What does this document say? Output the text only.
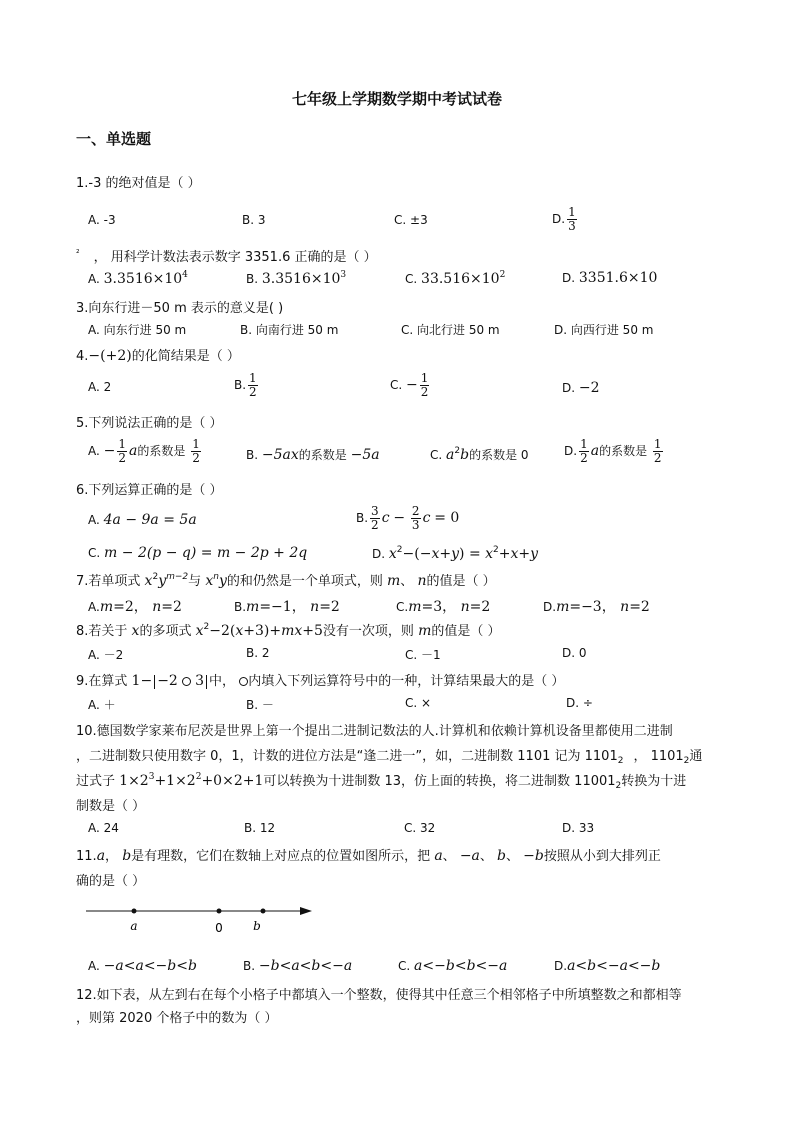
七年级上学期数学期中考试试卷
一、单选题
1.-3 的绝对值是（ ）
A. -3	B. 3	C. ±3	D. $\frac{1}{3}$
$^{^2}$ ， 用科学计数法表示数字 3351.6 正确的是（ ）
A. $3.3516\times 10^4$	B. $3.3516\times 10^3$	C. $33.516\times 10^2$	D. 3351.6×10
3.向东行进－50 m 表示的意义是( )
A. 向东行进 50 m	B. 向南行进 50 m	C. 向北行进 50 m	D. 向西行进 50 m
4.−(+2)的化简结果是（ ）
A. 2	B. $\frac{1}{2}$	C. − $\frac{1}{2}$	D. −2
5.下列说法正确的是（ ）
A. − $\frac{1}{2}$ a的系数是 $\frac{1}{2}$	B. −5ax的系数是 −5a	C. $a^2b$的系数是 0	D. $\frac{1}{2}$ a的系数是 $\frac{1}{2}$
6.下列运算正确的是（ ）
A. 4a − 9a = 5a	B. $\frac{3}{2}$ $c - \frac{2}{3}$ c = 0
C. m − 2(p − q) = m − 2p + 2q	D. $x^2-(-x+y) = x^2+x+y$
7.若单项式 $x^2y^{m-2}$与 $x^ny$的和仍然是一个单项式，则 m、 n的值是（ ）
A.m=2， n=2	B.m=−1， n=2	C.m=3， n=2	D.m=−3， n=2
8.若关于 x的多项式 $x^2-2(x+3)+mx+5$没有一次项，则 m的值是（ ）
A. －2	B. 2	C. －1	D. 0
9.在算式 1− −2 3 中， 内填入下列运算符号中的一种，计算结果最大的是（ ）
A. ＋	B. －	C. ×	D. ÷
10.德国数学家莱布尼茨是世界上第一个提出二进制记数法的人.计算机和依赖计算机设备里都使用二进制
，二进制数只使用数字 0，1，计数的进位方法是“逢二进一”，如，二进制数 1101 记为 $1101_2$ ， $1101_2$通
过式子 $1\times 2^3+1\times 2^2+0\times 2+1$可以转换为十进制数 13，仿上面的转换，将二进制数 $11001_2$转换为十进
制数是（ ）
A. 24	B. 12	C. 32	D. 33
11.a， b是有理数，它们在数轴上对应点的位置如图所示，把 a、 −a、 b、 −b按照从小到大排列正
确的是（ ）
a	0	b
A. −a<a<−b<b	B. −b<a<b<−a	C. a<−b<b<−a	D.a<b<−a<−b
12.如下表，从左到右在每个小格子中都填入一个整数，使得其中任意三个相邻格子中所填整数之和都相等
，则第 2020 个格子中的数为（ ）
